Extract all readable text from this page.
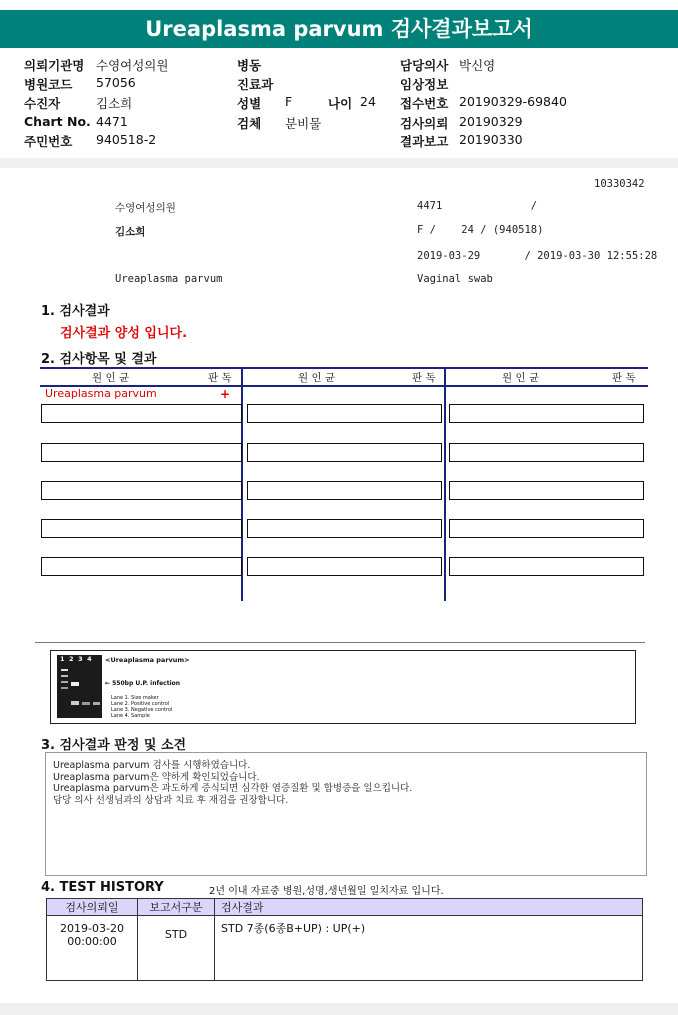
Ureaplasma parvum 검사결과보고서
의뢰기관명 수영여성의원
병원코드 57056
수진자	김소희
Chart No. 4471
주민번호 940518-2
병동
진료과
성별 F	나이 24
검체 분비물
담당의사 박신영
임상정보
접수번호 20190329-69840
검사의뢰 20190329
결과보고 20190330
10330342
수영여성의원	4471              /
김소희	F /    24 / (940518)
2019-03-29       / 2019-03-30 12:55:28
Ureaplasma parvum	Vaginal swab
1. 검사결과
검사결과 양성 입니다.
2. 검사항목 및 결과
원 인 균	판 독	원 인 균	판 독	원 인 균	판 독
Ureaplasma parvum	+
1  2  3  4 <Ureaplasma parvum>
← 550bp U.P. infection
Lane 1. Size maker
Lane 2. Positive control
Lane 3. Negative control
Lane 4. Sample
3. 검사결과 판정 및 소견
Ureaplasma parvum 검사를 시행하였습니다.
Ureaplasma parvum은 약하게 확인되었습니다.
Ureaplasma parvum은 과도하게 증식되면 심각한 염증질환 및 합병증을 일으킵니다.
담당 의사 선생님과의 상담과 치료 후 재검을 권장합니다.
4. TEST HISTORY	2년 이내 자료중 병원,성명,생년월일 일치자료 입니다.
검사의뢰일	보고서구분	검사결과

2019-03-20
00:00:00	STD	STD 7종(6종B+UP) : UP(+)
